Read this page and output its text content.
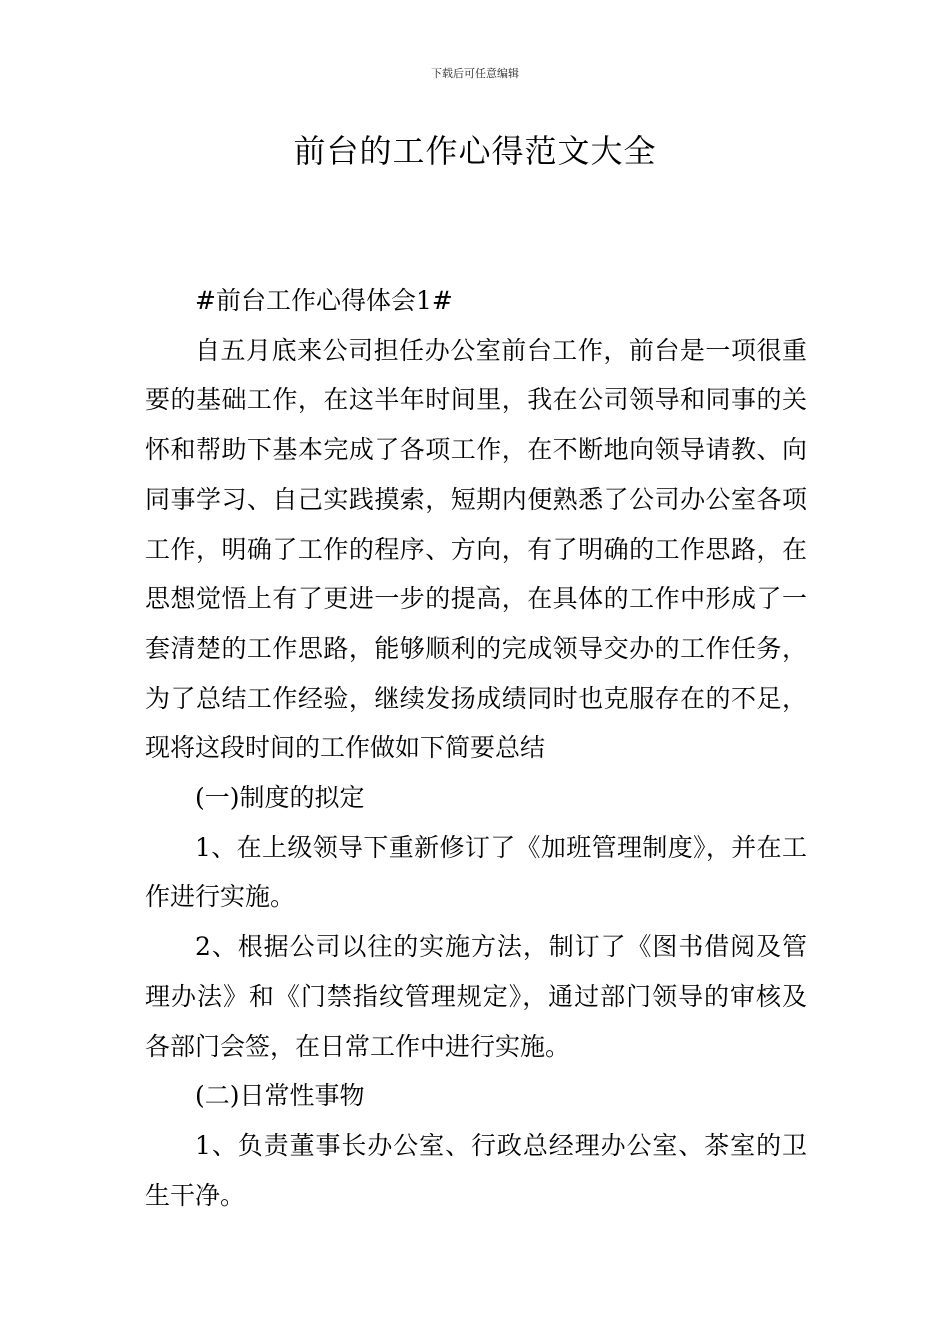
下载后可任意编辑
前台的工作心得范文大全

#前台工作心得体会1#

自五月底来公司担任办公室前台工作，前台是一项很重要的基础工作，在这半年时间里，我在公司领导和同事的关怀和帮助下基本完成了各项工作，在不断地向领导请教、向同事学习、自己实践摸索，短期内便熟悉了公司办公室各项工作，明确了工作的程序、方向，有了明确的工作思路，在思想觉悟上有了更进一步的提高，在具体的工作中形成了一套清楚的工作思路，能够顺利的完成领导交办的工作任务，为了总结工作经验，继续发扬成绩同时也克服存在的不足，现将这段时间的工作做如下简要总结

(一)制度的拟定

1、在上级领导下重新修订了《加班管理制度》，并在工作进行实施。

2、根据公司以往的实施方法，制订了《图书借阅及管理办法》和《门禁指纹管理规定》，通过部门领导的审核及各部门会签，在日常工作中进行实施。

(二)日常性事物

1、负责董事长办公室、行政总经理办公室、茶室的卫生干净。
